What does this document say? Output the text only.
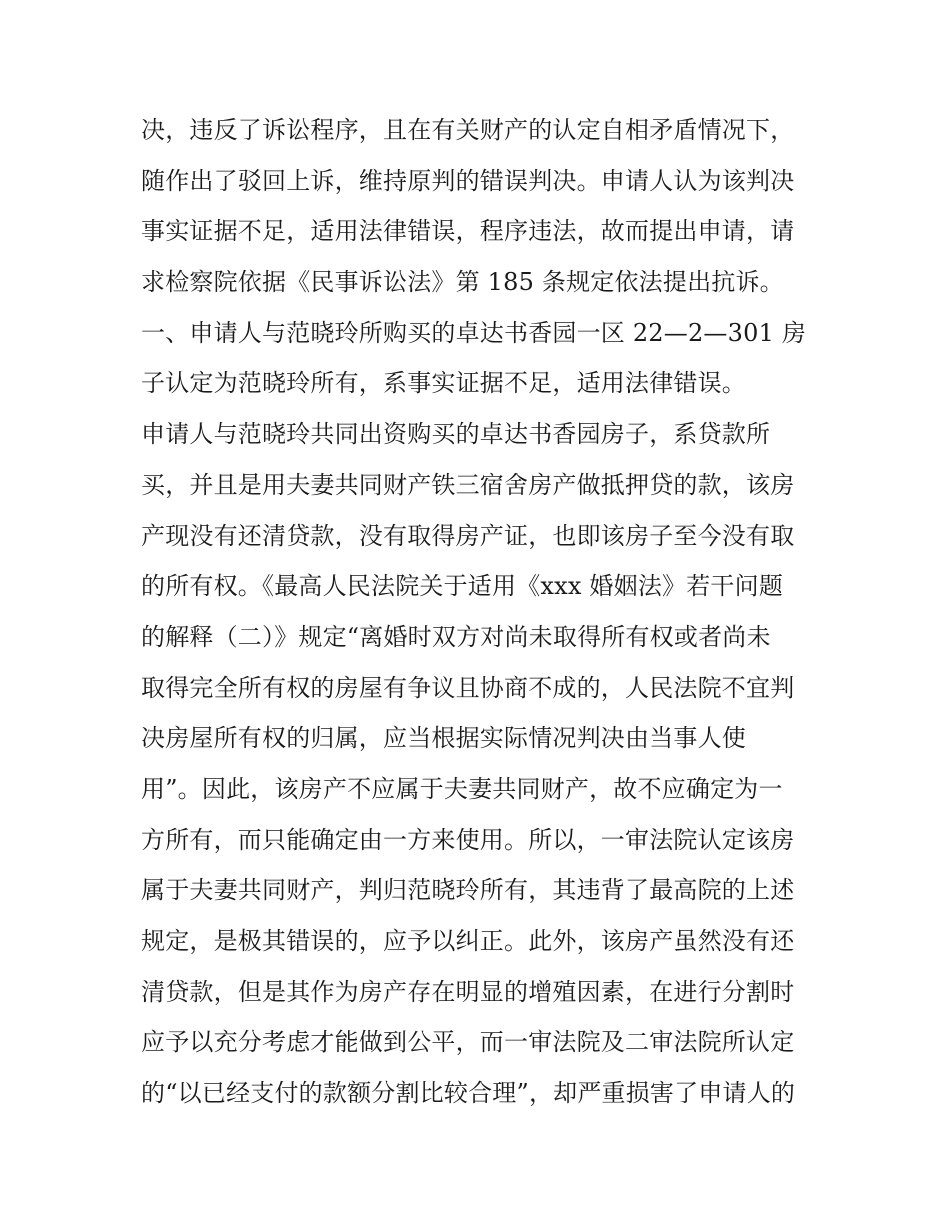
决，违反了诉讼程序，且在有关财产的认定自相矛盾情况下，
随作出了驳回上诉，维持原判的错误判决。申请人认为该判决
事实证据不足，适用法律错误，程序违法，故而提出申请，请
求检察院依据《民事诉讼法》第 185 条规定依法提出抗诉。
一、申请人与范晓玲所购买的卓达书香园一区 22—2—301 房
子认定为范晓玲所有，系事实证据不足，适用法律错误。
申请人与范晓玲共同出资购买的卓达书香园房子，系贷款所
买，并且是用夫妻共同财产铁三宿舍房产做抵押贷的款，该房
产现没有还清贷款，没有取得房产证，也即该房子至今没有取
的所有权。《最高人民法院关于适用《xxx 婚姻法》若干问题
的解释（二）》规定“离婚时双方对尚未取得所有权或者尚未
取得完全所有权的房屋有争议且协商不成的，人民法院不宜判
决房屋所有权的归属，应当根据实际情况判决由当事人使
用”。因此，该房产不应属于夫妻共同财产，故不应确定为一
方所有，而只能确定由一方来使用。所以，一审法院认定该房
属于夫妻共同财产，判归范晓玲所有，其违背了最高院的上述
规定，是极其错误的，应予以纠正。此外，该房产虽然没有还
清贷款，但是其作为房产存在明显的增殖因素，在进行分割时
应予以充分考虑才能做到公平，而一审法院及二审法院所认定
的“以已经支付的款额分割比较合理”，却严重损害了申请人的
